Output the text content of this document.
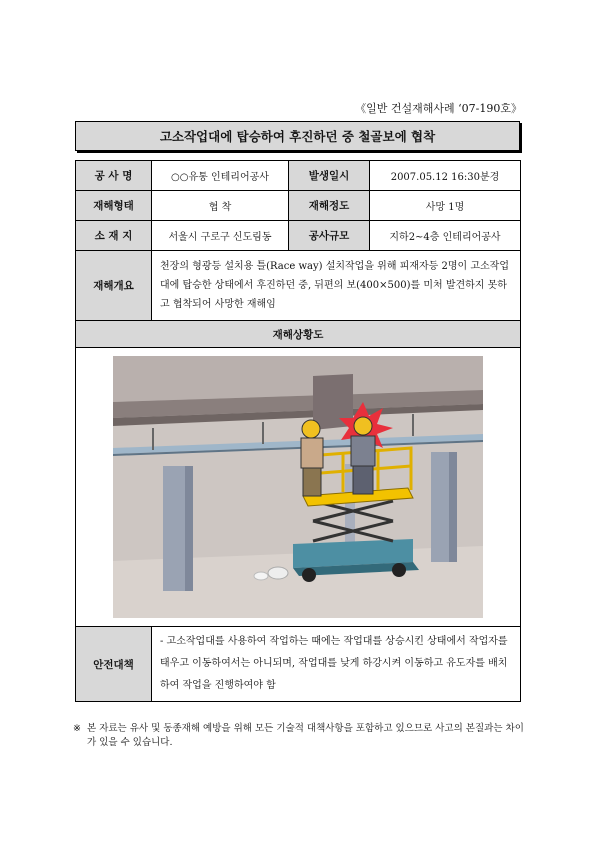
《일반 건설재해사례 ‘07-190호》
고소작업대에 탑승하여 후진하던 중 철골보에 협착
공 사 명	○○유통 인테리어공사	발생일시	2007.05.12 16:30분경
재해형태	협 착	재해정도	사망 1명
소 재 지	서울시 구로구 신도림동	공사규모	지하2~4층 인테리어공사
재해개요	천장의 형광등 설치용 틀(Race way) 설치작업을 위해 피재자등 2명이 고소작업대에 탑승한 상태에서 후진하던 중, 뒤편의 보(400×500)를 미처 발견하지 못하고 협착되어 사망한 재해임		
재해상황도			

안전대책	- 고소작업대를 사용하여 작업하는 때에는 작업대를 상승시킨 상태에서 작업자를 태우고 이동하여서는 아니되며, 작업대를 낮게 하강시켜 이동하고 유도자를 배치하여 작업을 진행하여야 함		
※ 본 자료는 유사 및 동종재해 예방을 위해 모든 기술적 대책사항을 포함하고 있으므로 사고의 본질과는 차이가 있을 수 있습니다.
